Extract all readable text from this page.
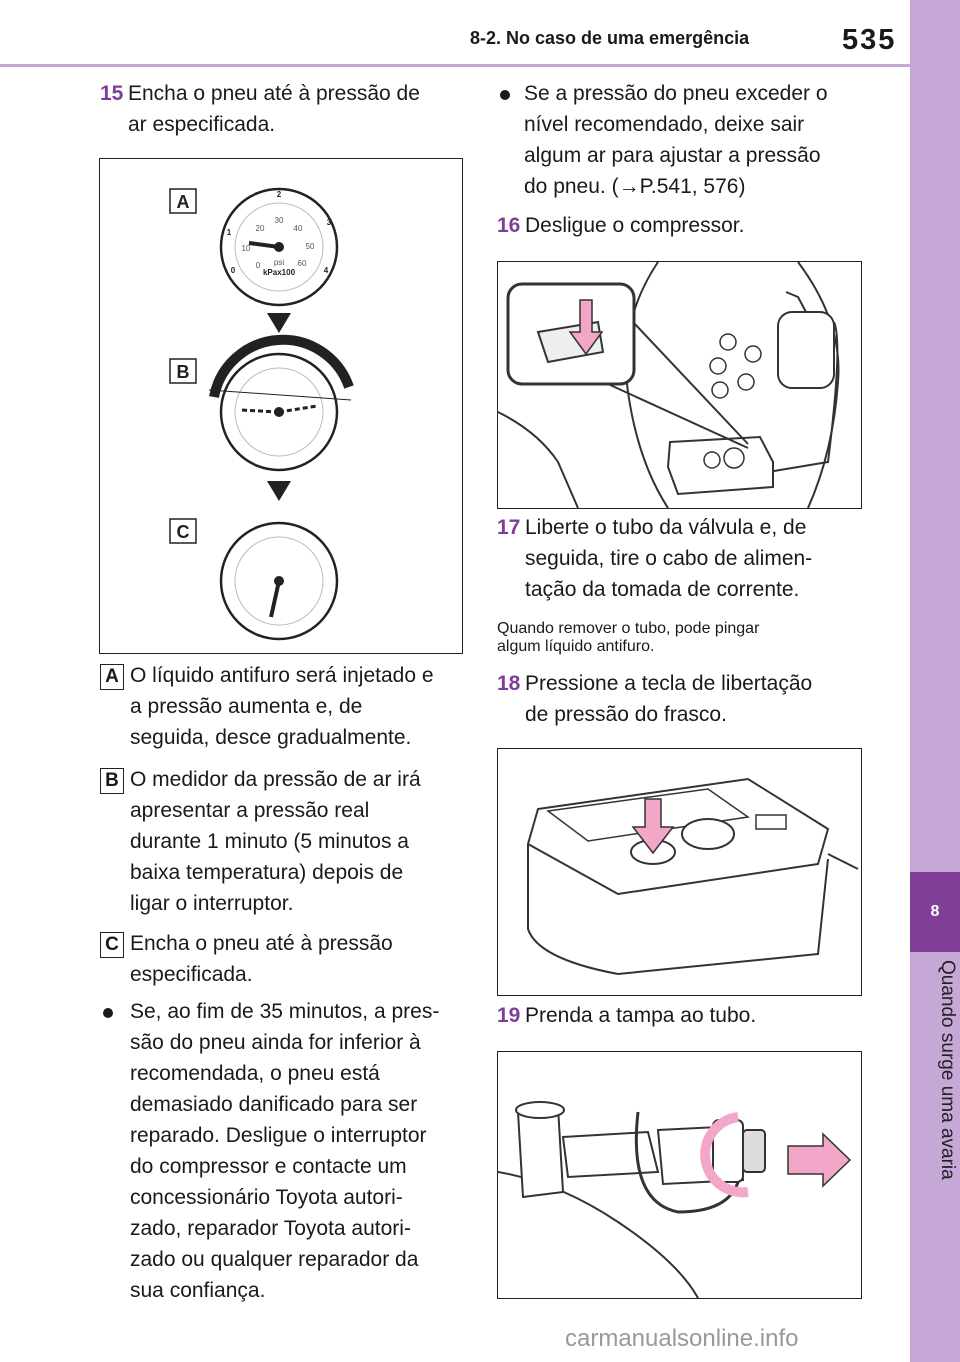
8-2. No caso de uma emergência	535
8
Quando surge uma avaria
15 Encha o pneu até à pressão de
ar especificada.
A
B
C
0
10
20
30
40
50
60
psi
0
1
2
3
4
kPax100
A O líquido antifuro será injetado e
a pressão aumenta e, de
seguida, desce gradualmente.
B O medidor da pressão de ar irá
apresentar a pressão real
durante 1 minuto (5 minutos a
baixa temperatura) depois de
ligar o interruptor.
C Encha o pneu até à pressão
especificada.
Se, ao fim de 35 minutos, a pres-
são do pneu ainda for inferior à
recomendada, o pneu está
demasiado danificado para ser
reparado. Desligue o interruptor
do compressor e contacte um
concessionário Toyota autori-
zado, reparador Toyota autori-
zado ou qualquer reparador da
sua confiança.
Se a pressão do pneu exceder o
nível recomendado, deixe sair
algum ar para ajustar a pressão
do pneu. (→P.541, 576)
16 Desligue o compressor.
17 Liberte o tubo da válvula e, de
seguida, tire o cabo de alimen-
tação da tomada de corrente.
Quando remover o tubo, pode pingar
algum líquido antifuro.
18 Pressione a tecla de libertação
de pressão do frasco.
19 Prenda a tampa ao tubo.
carmanualsonline.info
